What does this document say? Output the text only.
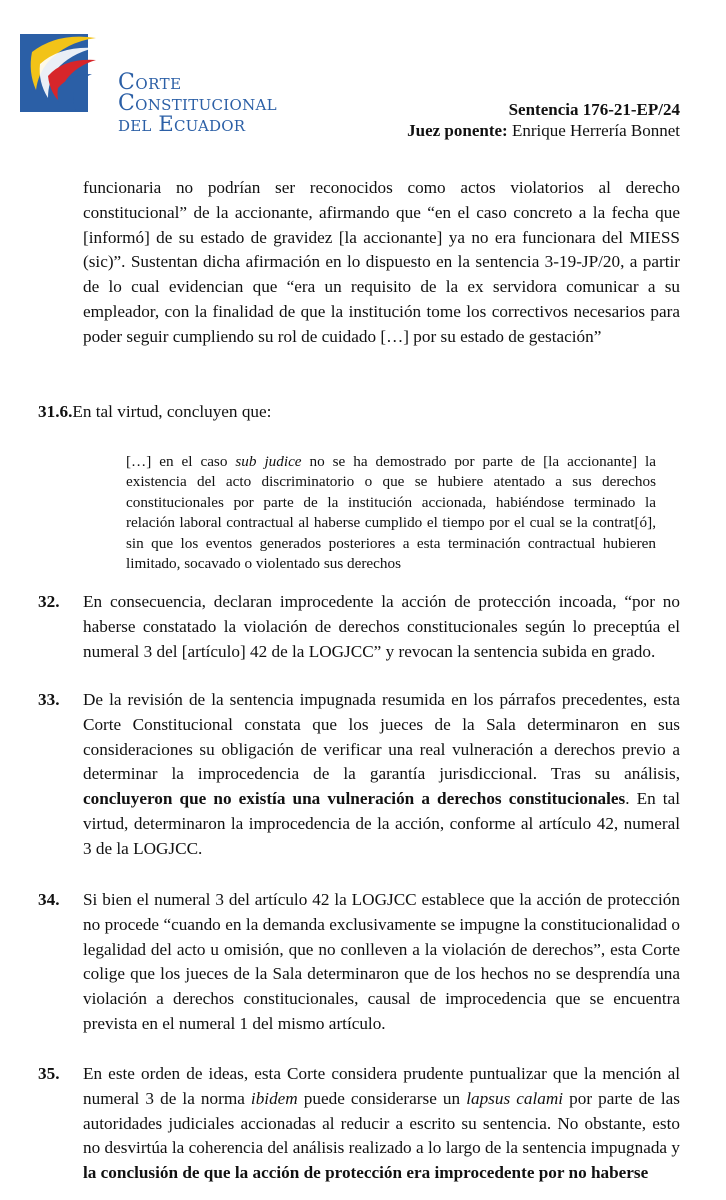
Corte
Constitucional
del Ecuador
Sentencia 176-21-EP/24
Juez ponente: Enrique Herrería Bonnet

funcionaria no podrían ser reconocidos como actos violatorios al derecho constitucional” de la accionante, afirmando que “en el caso concreto a la fecha que [informó] de su estado de gravidez [la accionante] ya no era funcionara del MIESS (sic)”. Sustentan dicha afirmación en lo dispuesto en la sentencia 3-19-JP/20, a partir de lo cual evidencian que “era un requisito de la ex servidora comunicar a su empleador, con la finalidad de que la institución tome los correctivos necesarios para poder seguir cumpliendo su rol de cuidado […] por su estado de gestación”

31.6.En tal virtud, concluyen que:

[…] en el caso sub judice no se ha demostrado por parte de [la accionante] la existencia del acto discriminatorio o que se hubiere atentado a sus derechos constitucionales por parte de la institución accionada, habiéndose terminado la relación laboral contractual al haberse cumplido el tiempo por el cual se la contrat[ó], sin que los eventos generados posteriores a esta terminación contractual hubieren limitado, socavado o violentado sus derechos

32. En consecuencia, declaran improcedente la acción de protección incoada, “por no haberse constatado la violación de derechos constitucionales según lo preceptúa el numeral 3 del [artículo] 42 de la LOGJCC” y revocan la sentencia subida en grado.

33. De la revisión de la sentencia impugnada resumida en los párrafos precedentes, esta Corte Constitucional constata que los jueces de la Sala determinaron en sus consideraciones su obligación de verificar una real vulneración a derechos previo a determinar la improcedencia de la garantía jurisdiccional. Tras su análisis, concluyeron que no existía una vulneración a derechos constitucionales. En tal virtud, determinaron la improcedencia de la acción, conforme al artículo 42, numeral 3 de la LOGJCC.

34. Si bien el numeral 3 del artículo 42 la LOGJCC establece que la acción de protección no procede “cuando en la demanda exclusivamente se impugne la constitucionalidad o legalidad del acto u omisión, que no conlleven a la violación de derechos”, esta Corte colige que los jueces de la Sala determinaron que de los hechos no se desprendía una violación a derechos constitucionales, causal de improcedencia que se encuentra prevista en el numeral 1 del mismo artículo.

35. En este orden de ideas, esta Corte considera prudente puntualizar que la mención al numeral 3 de la norma ibidem puede considerarse un lapsus calami por parte de las autoridades judiciales accionadas al reducir a escrito su sentencia. No obstante, esto no desvirtúa la coherencia del análisis realizado a lo largo de la sentencia impugnada y la conclusión de que la acción de protección era improcedente por no haberse
